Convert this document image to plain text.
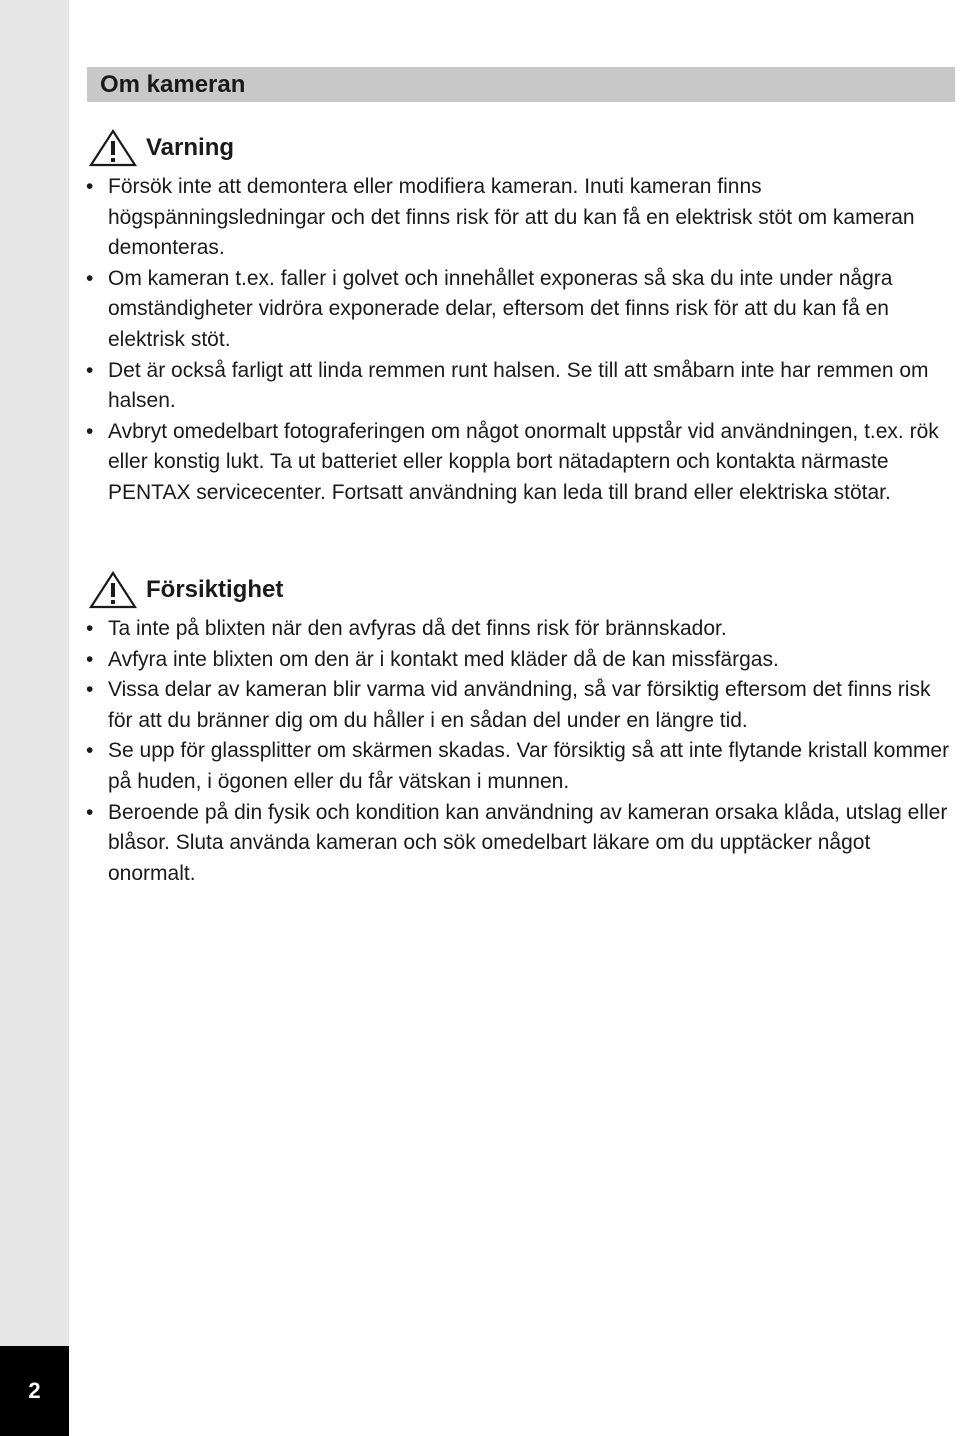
2
Om kameran
Varning
• Försök inte att demontera eller modifiera kameran. Inuti kameran finns högspänningsledningar och det finns risk för att du kan få en elektrisk stöt om kameran demonteras.
• Om kameran t.ex. faller i golvet och innehållet exponeras så ska du inte under några omständigheter vidröra exponerade delar, eftersom det finns risk för att du kan få en elektrisk stöt.
• Det är också farligt att linda remmen runt halsen. Se till att småbarn inte har remmen om halsen.
• Avbryt omedelbart fotograferingen om något onormalt uppstår vid användningen, t.ex. rök eller konstig lukt. Ta ut batteriet eller koppla bort nätadaptern och kontakta närmaste PENTAX servicecenter. Fortsatt användning kan leda till brand eller elektriska stötar.
Försiktighet
• Ta inte på blixten när den avfyras då det finns risk för brännskador.
• Avfyra inte blixten om den är i kontakt med kläder då de kan missfärgas.
• Vissa delar av kameran blir varma vid användning, så var försiktig eftersom det finns risk för att du bränner dig om du håller i en sådan del under en längre tid.
• Se upp för glassplitter om skärmen skadas. Var försiktig så att inte flytande kristall kommer på huden, i ögonen eller du får vätskan i munnen.
• Beroende på din fysik och kondition kan användning av kameran orsaka klåda, utslag eller blåsor. Sluta använda kameran och sök omedelbart läkare om du upptäcker något onormalt.
